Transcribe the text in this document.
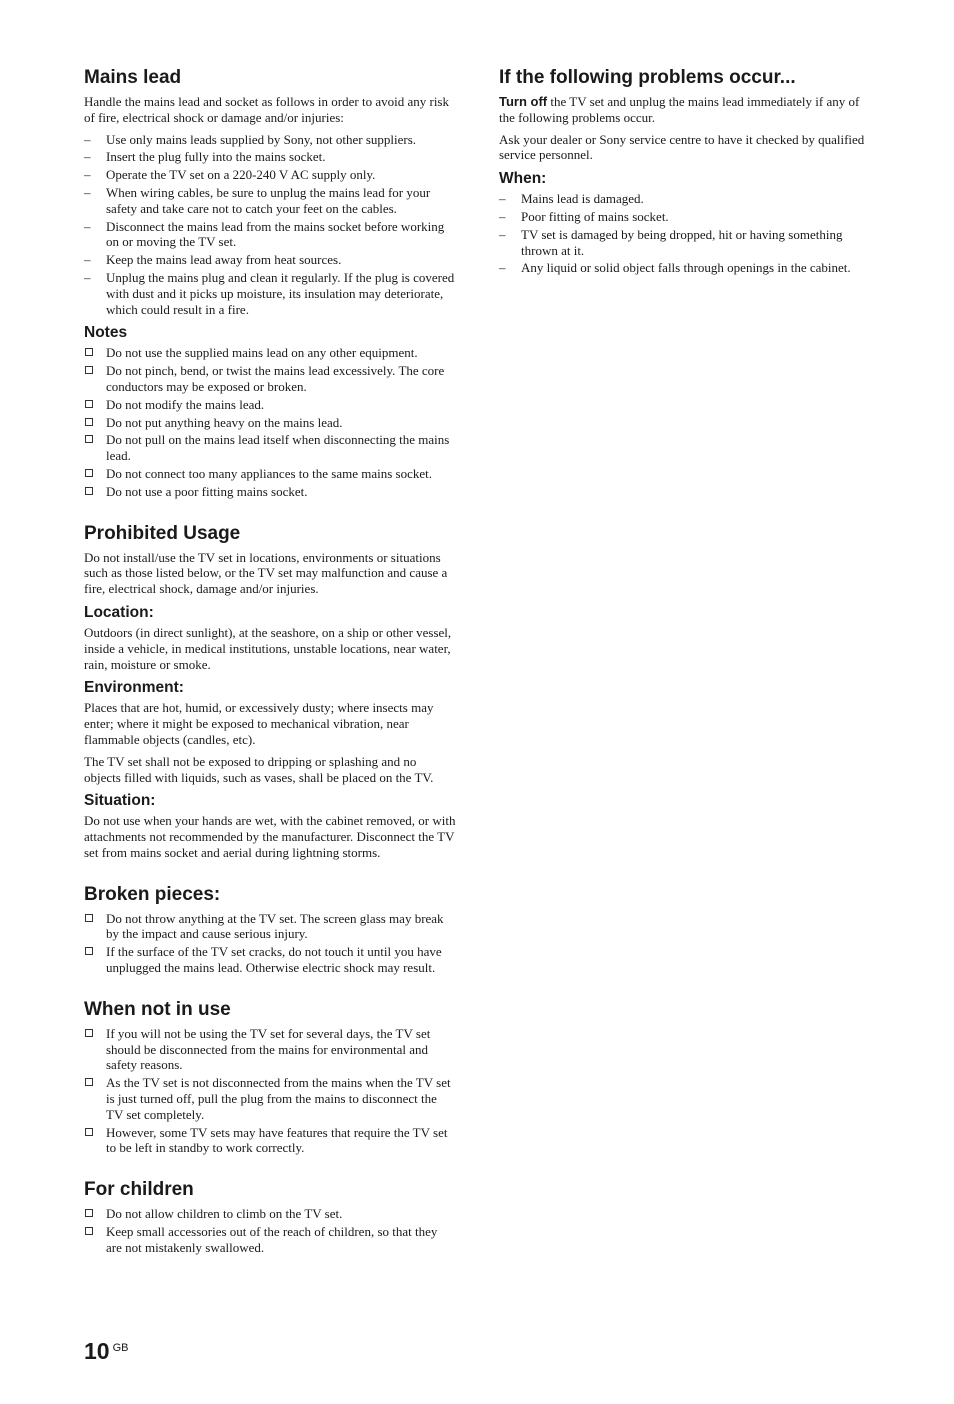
Mains lead

Handle the mains lead and socket as follows in order to avoid any risk of fire, electrical shock or damage and/or injuries:

–	Use only mains leads supplied by Sony, not other suppliers.
–	Insert the plug fully into the mains socket.
–	Operate the TV set on a 220-240 V AC supply only.
–	When wiring cables, be sure to unplug the mains lead for your safety and take care not to catch your feet on the cables.
–	Disconnect the mains lead from the mains socket before working on or moving the TV set.
–	Keep the mains lead away from heat sources.
–	Unplug the mains plug and clean it regularly. If the plug is covered with dust and it picks up moisture, its insulation may deteriorate, which could result in a fire.
Notes
Do not use the supplied mains lead on any other equipment.
Do not pinch, bend, or twist the mains lead excessively. The core conductors may be exposed or broken.
Do not modify the mains lead.
Do not put anything heavy on the mains lead.
Do not pull on the mains lead itself when disconnecting the mains lead.
Do not connect too many appliances to the same mains socket.
Do not use a poor fitting mains socket.
Prohibited Usage

Do not install/use the TV set in locations, environments or situations such as those listed below, or the TV set may malfunction and cause a fire, electrical shock, damage and/or injuries.

Location:

Outdoors (in direct sunlight), at the seashore, on a ship or other vessel, inside a vehicle, in medical institutions, unstable locations, near water, rain, moisture or smoke.

Environment:

Places that are hot, humid, or excessively dusty; where insects may enter; where it might be exposed to mechanical vibration, near flammable objects (candles, etc).

The TV set shall not be exposed to dripping or splashing and no objects filled with liquids, such as vases, shall be placed on the TV.

Situation:

Do not use when your hands are wet, with the cabinet removed, or with attachments not recommended by the manufacturer. Disconnect the TV set from mains socket and aerial during lightning storms.

Broken pieces:
Do not throw anything at the TV set. The screen glass may break by the impact and cause serious injury.
If the surface of the TV set cracks, do not touch it until you have unplugged the mains lead. Otherwise electric shock may result.
When not in use
If you will not be using the TV set for several days, the TV set should be disconnected from the mains for environmental and safety reasons.
As the TV set is not disconnected from the mains when the TV set is just turned off, pull the plug from the mains to disconnect the TV set completely.
However, some TV sets may have features that require the TV set to be left in standby to work correctly.
For children
Do not allow children to climb on the TV set.
Keep small accessories out of the reach of children, so that they are not mistakenly swallowed.
If the following problems occur...

Turn off the TV set and unplug the mains lead immediately if any of the following problems occur.

Ask your dealer or Sony service centre to have it checked by qualified service personnel.

When:
–	Mains lead is damaged.
–	Poor fitting of mains socket.
–	TV set is damaged by being dropped, hit or having something thrown at it.
–	Any liquid or solid object falls through openings in the cabinet.
10 $^{GB}$
